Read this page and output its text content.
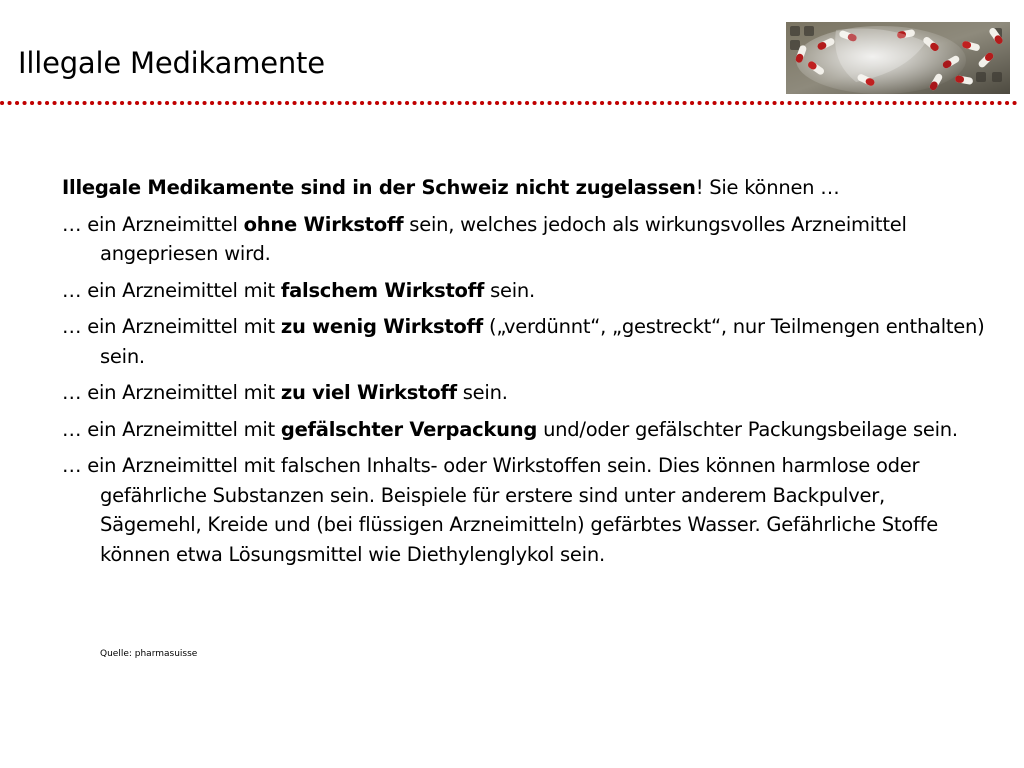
Illegale Medikamente

Illegale Medikamente sind in der Schweiz nicht zugelassen! Sie können …

… ein Arzneimittel ohne Wirkstoff sein, welches jedoch als wirkungsvolles Arzneimittel angepriesen wird.

… ein Arzneimittel mit falschem Wirkstoff sein.

… ein Arzneimittel mit zu wenig Wirkstoff („verdünnt“, „gestreckt“, nur Teilmengen enthalten) sein.

… ein Arzneimittel mit zu viel Wirkstoff sein.

… ein Arzneimittel mit gefälschter Verpackung und/oder gefälschter Packungsbeilage sein.

… ein Arzneimittel mit falschen Inhalts- oder Wirkstoffen sein. Dies können harmlose oder gefährliche Substanzen sein. Beispiele für erstere sind unter anderem Backpulver, Sägemehl, Kreide und (bei flüssigen Arzneimitteln) gefärbtes Wasser. Gefährliche Stoffe können etwa Lösungsmittel wie Diethylenglykol sein.

Quelle: pharmasuisse
